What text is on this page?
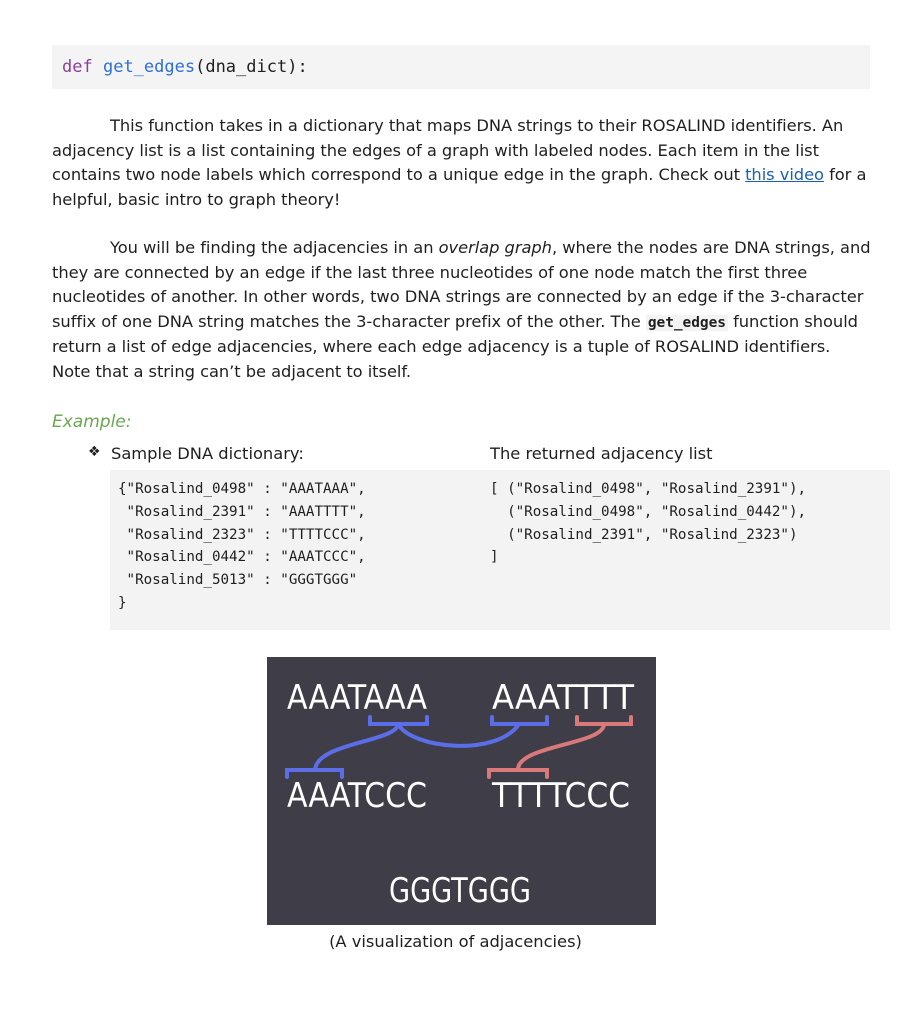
def get_edges(dna_dict):

This function takes in a dictionary that maps DNA strings to their ROSALIND identifiers. An adjacency list is a list containing the edges of a graph with labeled nodes. Each item in the list contains two node labels which correspond to a unique edge in the graph. Check out this video for a helpful, basic intro to graph theory!

You will be finding the adjacencies in an overlap graph, where the nodes are DNA strings, and they are connected by an edge if the last three nucleotides of one node match the first three nucleotides of another. In other words, two DNA strings are connected by an edge if the 3-character suffix of one DNA string matches the 3-character prefix of the other. The get_edges function should return a list of edge adjacencies, where each edge adjacency is a tuple of ROSALIND identifiers. Note that a string can’t be adjacent to itself.

Example:
❖ Sample DNA dictionary:	The returned adjacency list
{"Rosalind_0498" : "AAATAAA",
"Rosalind_2391" : "AAATTTT",
"Rosalind_2323" : "TTTTCCC",
"Rosalind_0442" : "AAATCCC",
"Rosalind_5013" : "GGGTGGG"
}
[ ("Rosalind_0498", "Rosalind_2391"),
("Rosalind_0498", "Rosalind_0442"),
("Rosalind_2391", "Rosalind_2323")
]
AAATAAA AAATTTT
AAATCCC TTTTCCC
GGGTGGG
(A visualization of adjacencies)
